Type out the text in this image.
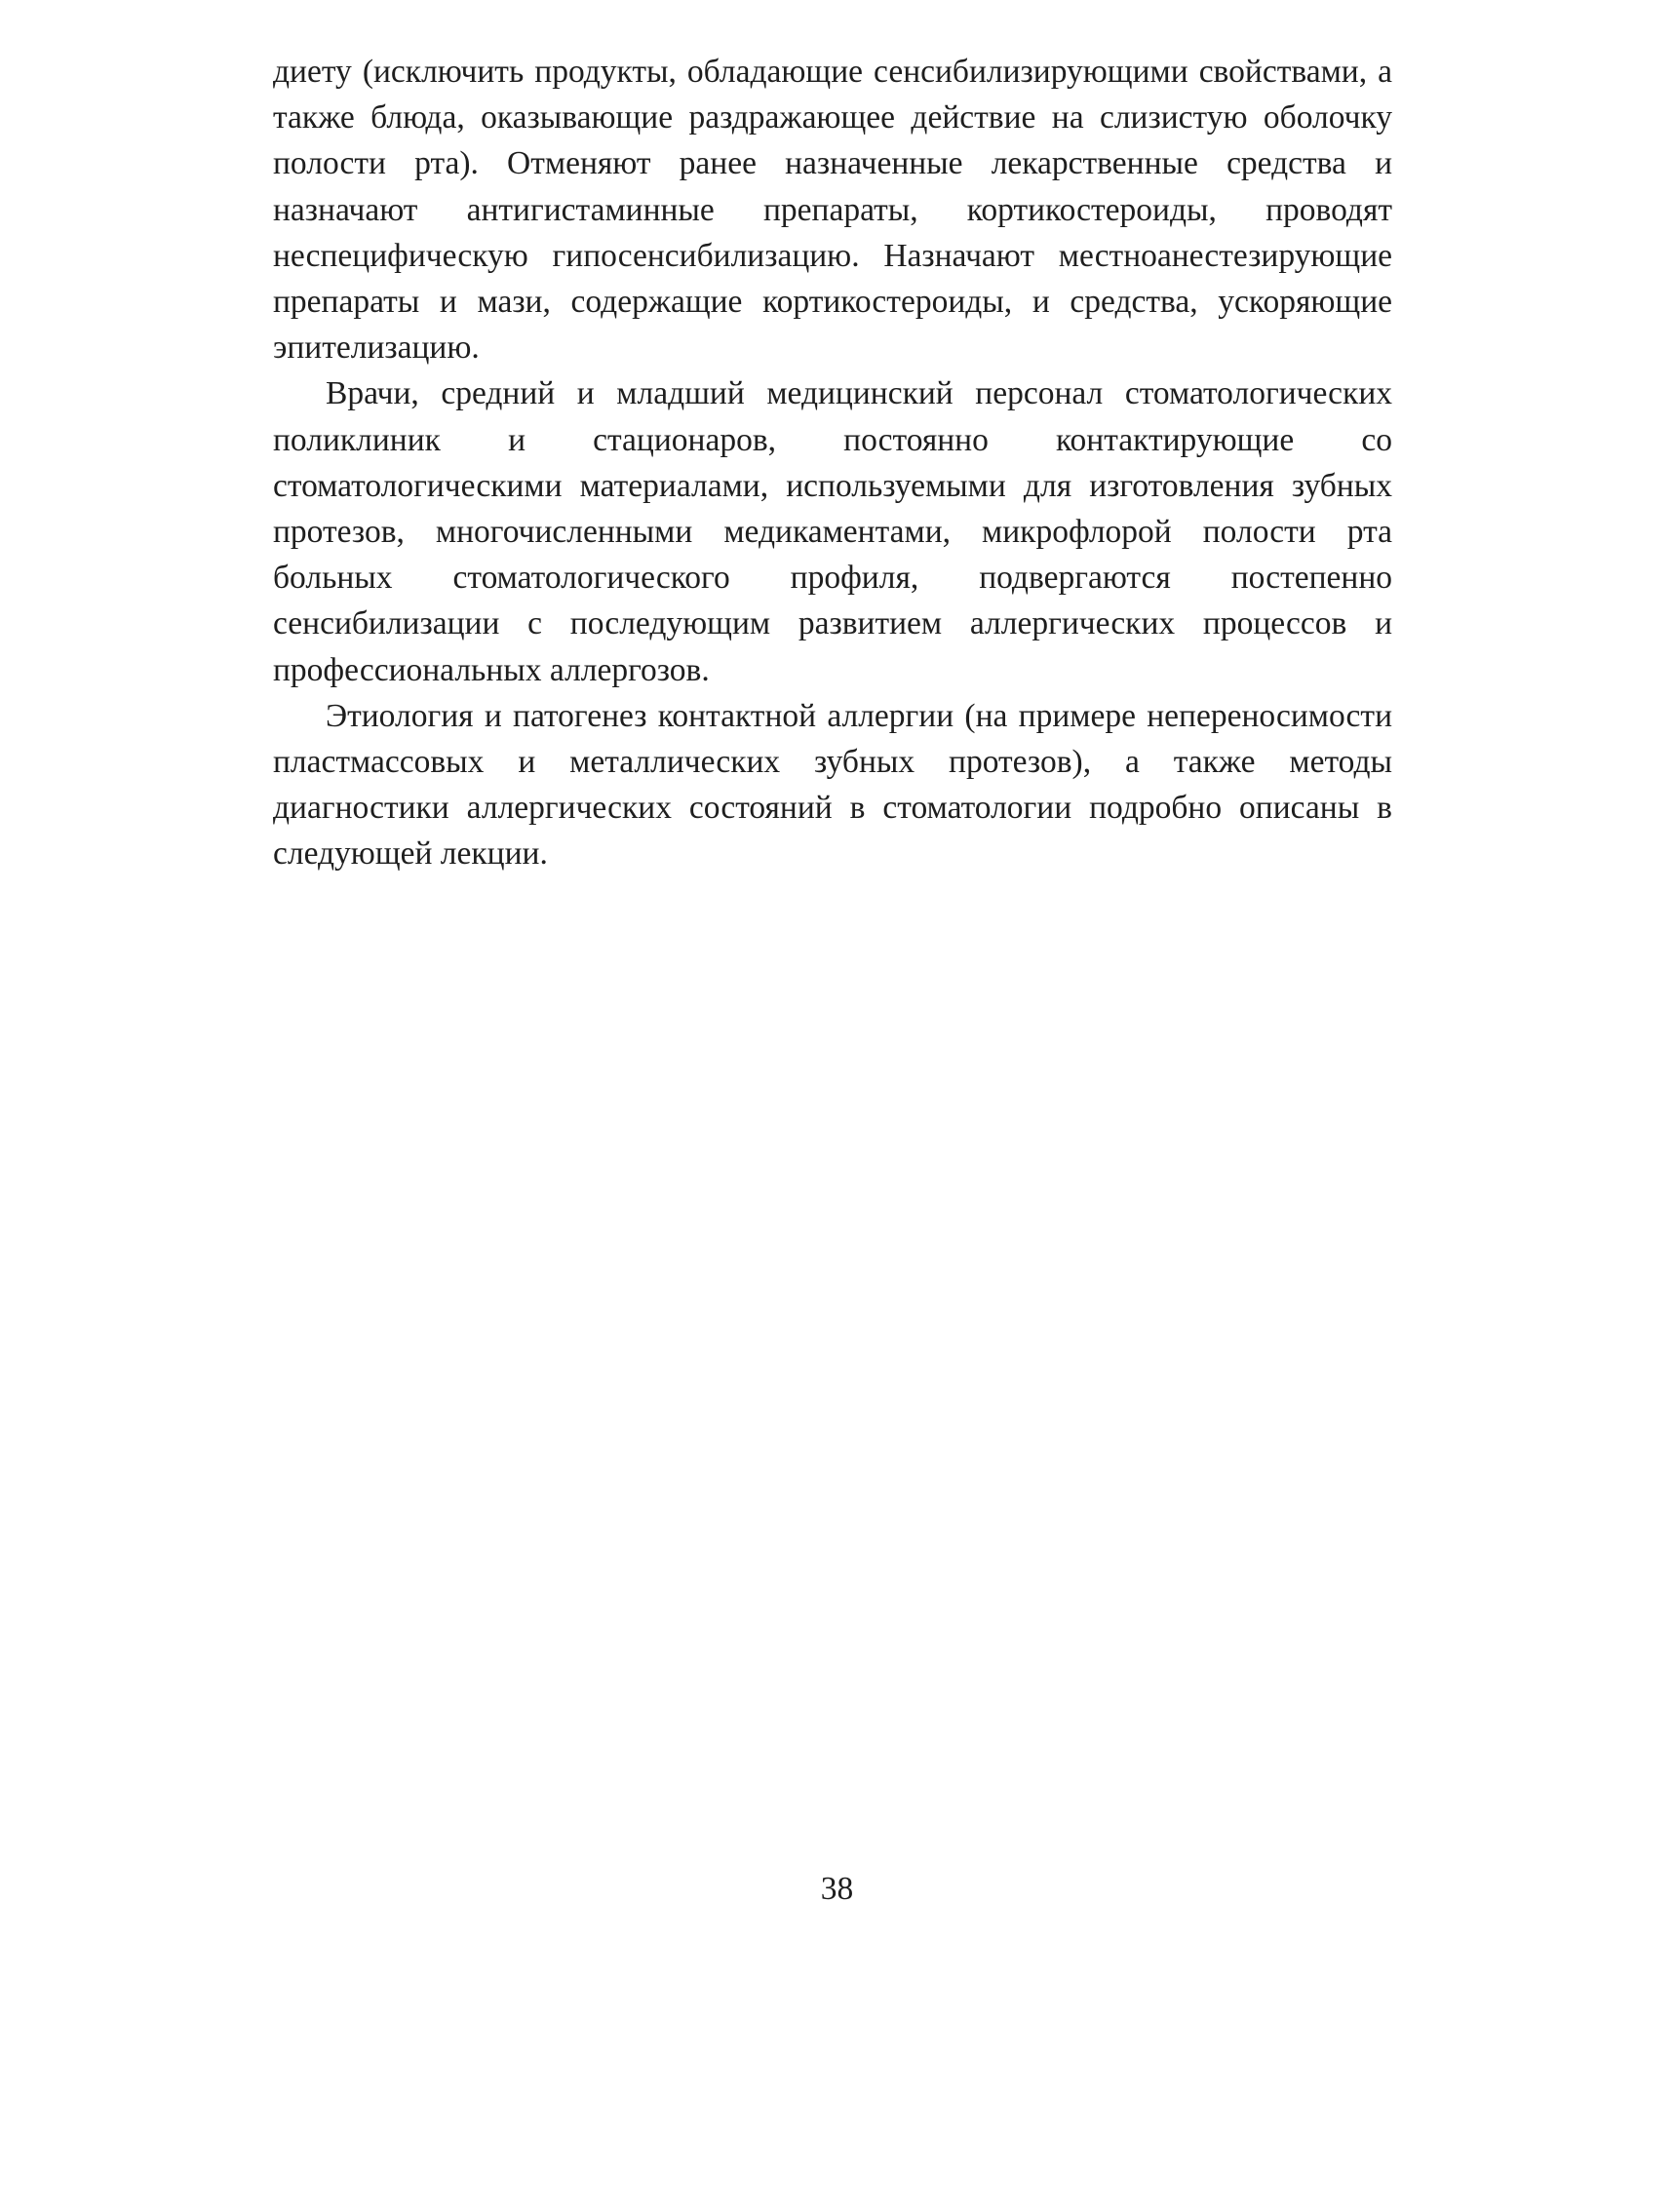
диету (исключить продукты, обладающие сенсибилизирующими свойствами, а также блюда, оказывающие раздражающее действие на слизистую оболочку полости рта). Отменяют ранее назначенные лекарственные средства и назначают антигистаминные препараты, кортикостероиды, проводят неспецифическую гипосенсибилизацию. Назначают местноанестезирующие препараты и мази, содержащие кортикостероиды, и средства, ускоряющие эпителизацию.

Врачи, средний и младший медицинский персонал стоматологических поликлиник и стационаров, постоянно контактирующие со стоматологическими материалами, используемыми для изготовления зубных протезов, многочисленными медикаментами, микрофлорой полости рта больных стоматологического профиля, подвергаются постепенно сенсибилизации с последующим развитием аллергических процессов и профессиональных аллергозов.

Этиология и патогенез контактной аллергии (на примере непереносимости пластмассовых и металлических зубных протезов), а также методы диагностики аллергических состояний в стоматологии подробно описаны в следующей лекции.

38
